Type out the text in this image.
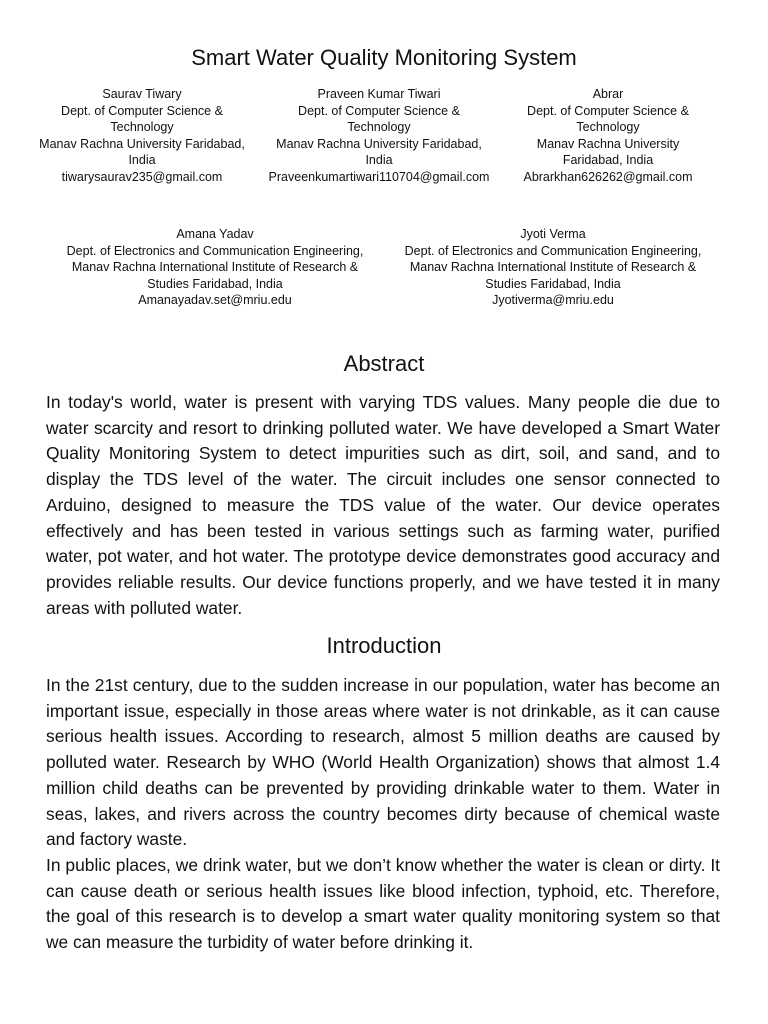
Smart Water Quality Monitoring System
Saurav Tiwary
Dept. of Computer Science &
Technology
Manav Rachna University Faridabad,
India
tiwarysaurav235@gmail.com
Praveen Kumar Tiwari
Dept. of Computer Science &
Technology
Manav Rachna University Faridabad,
India
Praveenkumartiwari110704@gmail.com
Abrar
Dept. of Computer Science &
Technology
Manav Rachna University
Faridabad, India
Abrarkhan626262@gmail.com
Amana Yadav
Dept. of Electronics and Communication Engineering,
Manav Rachna International Institute of Research &
Studies Faridabad, India
Amanayadav.set@mriu.edu
Jyoti Verma
Dept. of Electronics and Communication Engineering,
Manav Rachna International Institute of Research &
Studies Faridabad, India
Jyotiverma@mriu.edu
Abstract

In today's world, water is present with varying TDS values. Many people die due to water scarcity and resort to drinking polluted water. We have developed a Smart Water Quality Monitoring System to detect impurities such as dirt, soil, and sand, and to display the TDS level of the water. The circuit includes one sensor connected to Arduino, designed to measure the TDS value of the water. Our device operates effectively and has been tested in various settings such as farming water, purified water, pot water, and hot water. The prototype device demonstrates good accuracy and provides reliable results. Our device functions properly, and we have tested it in many areas with polluted water.

Introduction

In the 21st century, due to the sudden increase in our population, water has become an important issue, especially in those areas where water is not drinkable, as it can cause serious health issues. According to research, almost 5 million deaths are caused by polluted water. Research by WHO (World Health Organization) shows that almost 1.4 million child deaths can be prevented by providing drinkable water to them. Water in seas, lakes, and rivers across the country becomes dirty because of chemical waste and factory waste.

In public places, we drink water, but we don’t know whether the water is clean or dirty. It can cause death or serious health issues like blood infection, typhoid, etc. Therefore, the goal of this research is to develop a smart water quality monitoring system so that we can measure the turbidity of water before drinking it.
